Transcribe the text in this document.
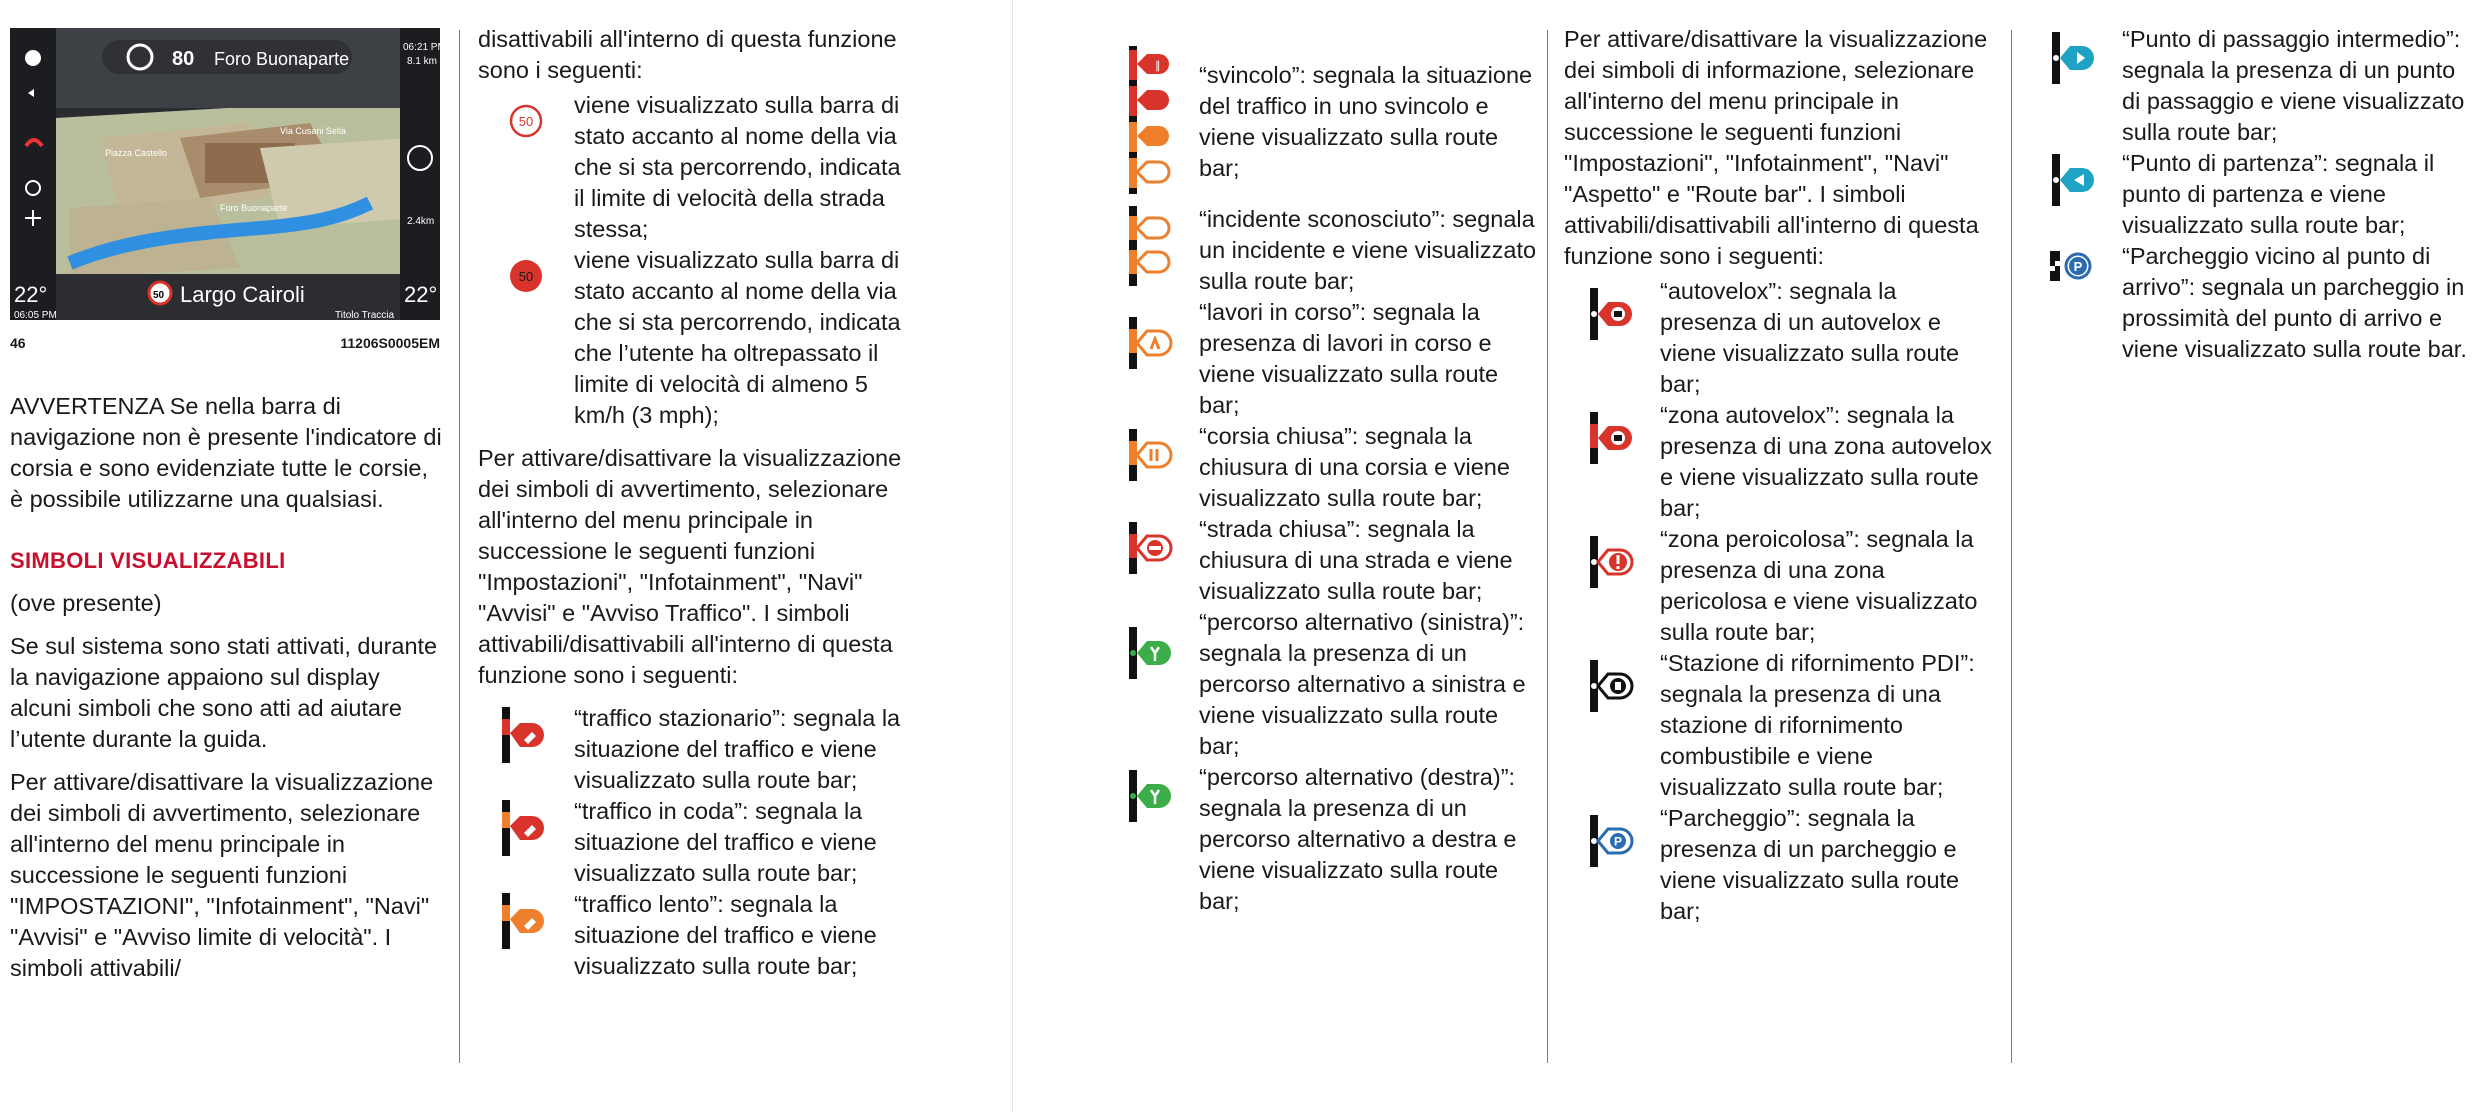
80 Foro Buonaparte
06:21 PM
8.1 km
2.4km
50 Largo Cairoli
22°	22°
06:05 PM	Titolo Traccia
Piazza Castello
Via Cusani Sella
Foro Buonaparte
46	11206S0005EM

AVVERTENZA Se nella barra di navigazione non è presente l'indicatore di corsia e sono evidenziate tutte le corsie, è possibile utilizzarne una qualsiasi.

SIMBOLI VISUALIZZABILI

(ove presente)

Se sul sistema sono stati attivati, durante la navigazione appaiono sul display alcuni simboli che sono atti ad aiutare l’utente durante la guida.

Per attivare/disattivare la visualizzazione dei simboli di avvertimento, selezionare all'interno del menu principale in successione le seguenti funzioni "IMPOSTAZIONI", "Infotainment", "Navi" "Avvisi" e "Avviso limite di velocità". I simboli attivabili/

disattivabili all'interno di questa funzione sono i seguenti:

50
viene visualizzato sulla barra di stato accanto al nome della via che si sta percorrendo, indicata il limite di velocità della strada stessa;
50
viene visualizzato sulla barra di stato accanto al nome della via che si sta percorrendo, indicata che l’utente ha oltrepassato il limite di velocità di almeno 5 km/h (3 mph);

Per attivare/disattivare la visualizzazione dei simboli di avvertimento, selezionare all'interno del menu principale in successione le seguenti funzioni "Impostazioni", "Infotainment", "Navi" "Avvisi" e "Avviso Traffico". I simboli attivabili/disattivabili all'interno di questa funzione sono i seguenti:

“traffico stazionario”: segnala la situazione del traffico e viene visualizzato sulla route bar;
“traffico in coda”: segnala la situazione del traffico e viene visualizzato sulla route bar;
“traffico lento”: segnala la situazione del traffico e viene visualizzato sulla route bar;
∥ “svincolo”: segnala la situazione del traffico in uno svincolo e viene visualizzato sulla route bar;
“incidente sconosciuto”: segnala un incidente e viene visualizzato sulla route bar;
“lavori in corso”: segnala la presenza di lavori in corso e viene visualizzato sulla route bar;
“corsia chiusa”: segnala la chiusura di una corsia e viene visualizzato sulla route bar;
“strada chiusa”: segnala la chiusura di una strada e viene visualizzato sulla route bar;
“percorso alternativo (sinistra)”: segnala la presenza di un percorso alternativo a sinistra e viene visualizzato sulla route bar;
“percorso alternativo (destra)”: segnala la presenza di un percorso alternativo a destra e viene visualizzato sulla route bar;

Per attivare/disattivare la visualizzazione dei simboli di informazione, selezionare all'interno del menu principale in successione le seguenti funzioni "Impostazioni", "Infotainment", "Navi" "Aspetto" e "Route bar". I simboli attivabili/disattivabili all'interno di questa funzione sono i seguenti:

“autovelox”: segnala la presenza di un autovelox e viene visualizzato sulla route bar;
“zona autovelox”: segnala la presenza di una zona autovelox e viene visualizzato sulla route bar;
“zona peroicolosa”: segnala la presenza di una zona pericolosa e viene visualizzato sulla route bar;
“Stazione di rifornimento PDI”: segnala la presenza di una stazione di rifornimento combustibile e viene visualizzato sulla route bar;
P
“Parcheggio”: segnala la presenza di un parcheggio e viene visualizzato sulla route bar;
“Punto di passaggio intermedio”: segnala la presenza di un punto di passaggio e viene visualizzato sulla route bar;
“Punto di partenza”: segnala il punto di partenza e viene visualizzato sulla route bar;
P “Parcheggio vicino al punto di arrivo”: segnala un parcheggio in prossimità del punto di arrivo e viene visualizzato sulla route bar.
